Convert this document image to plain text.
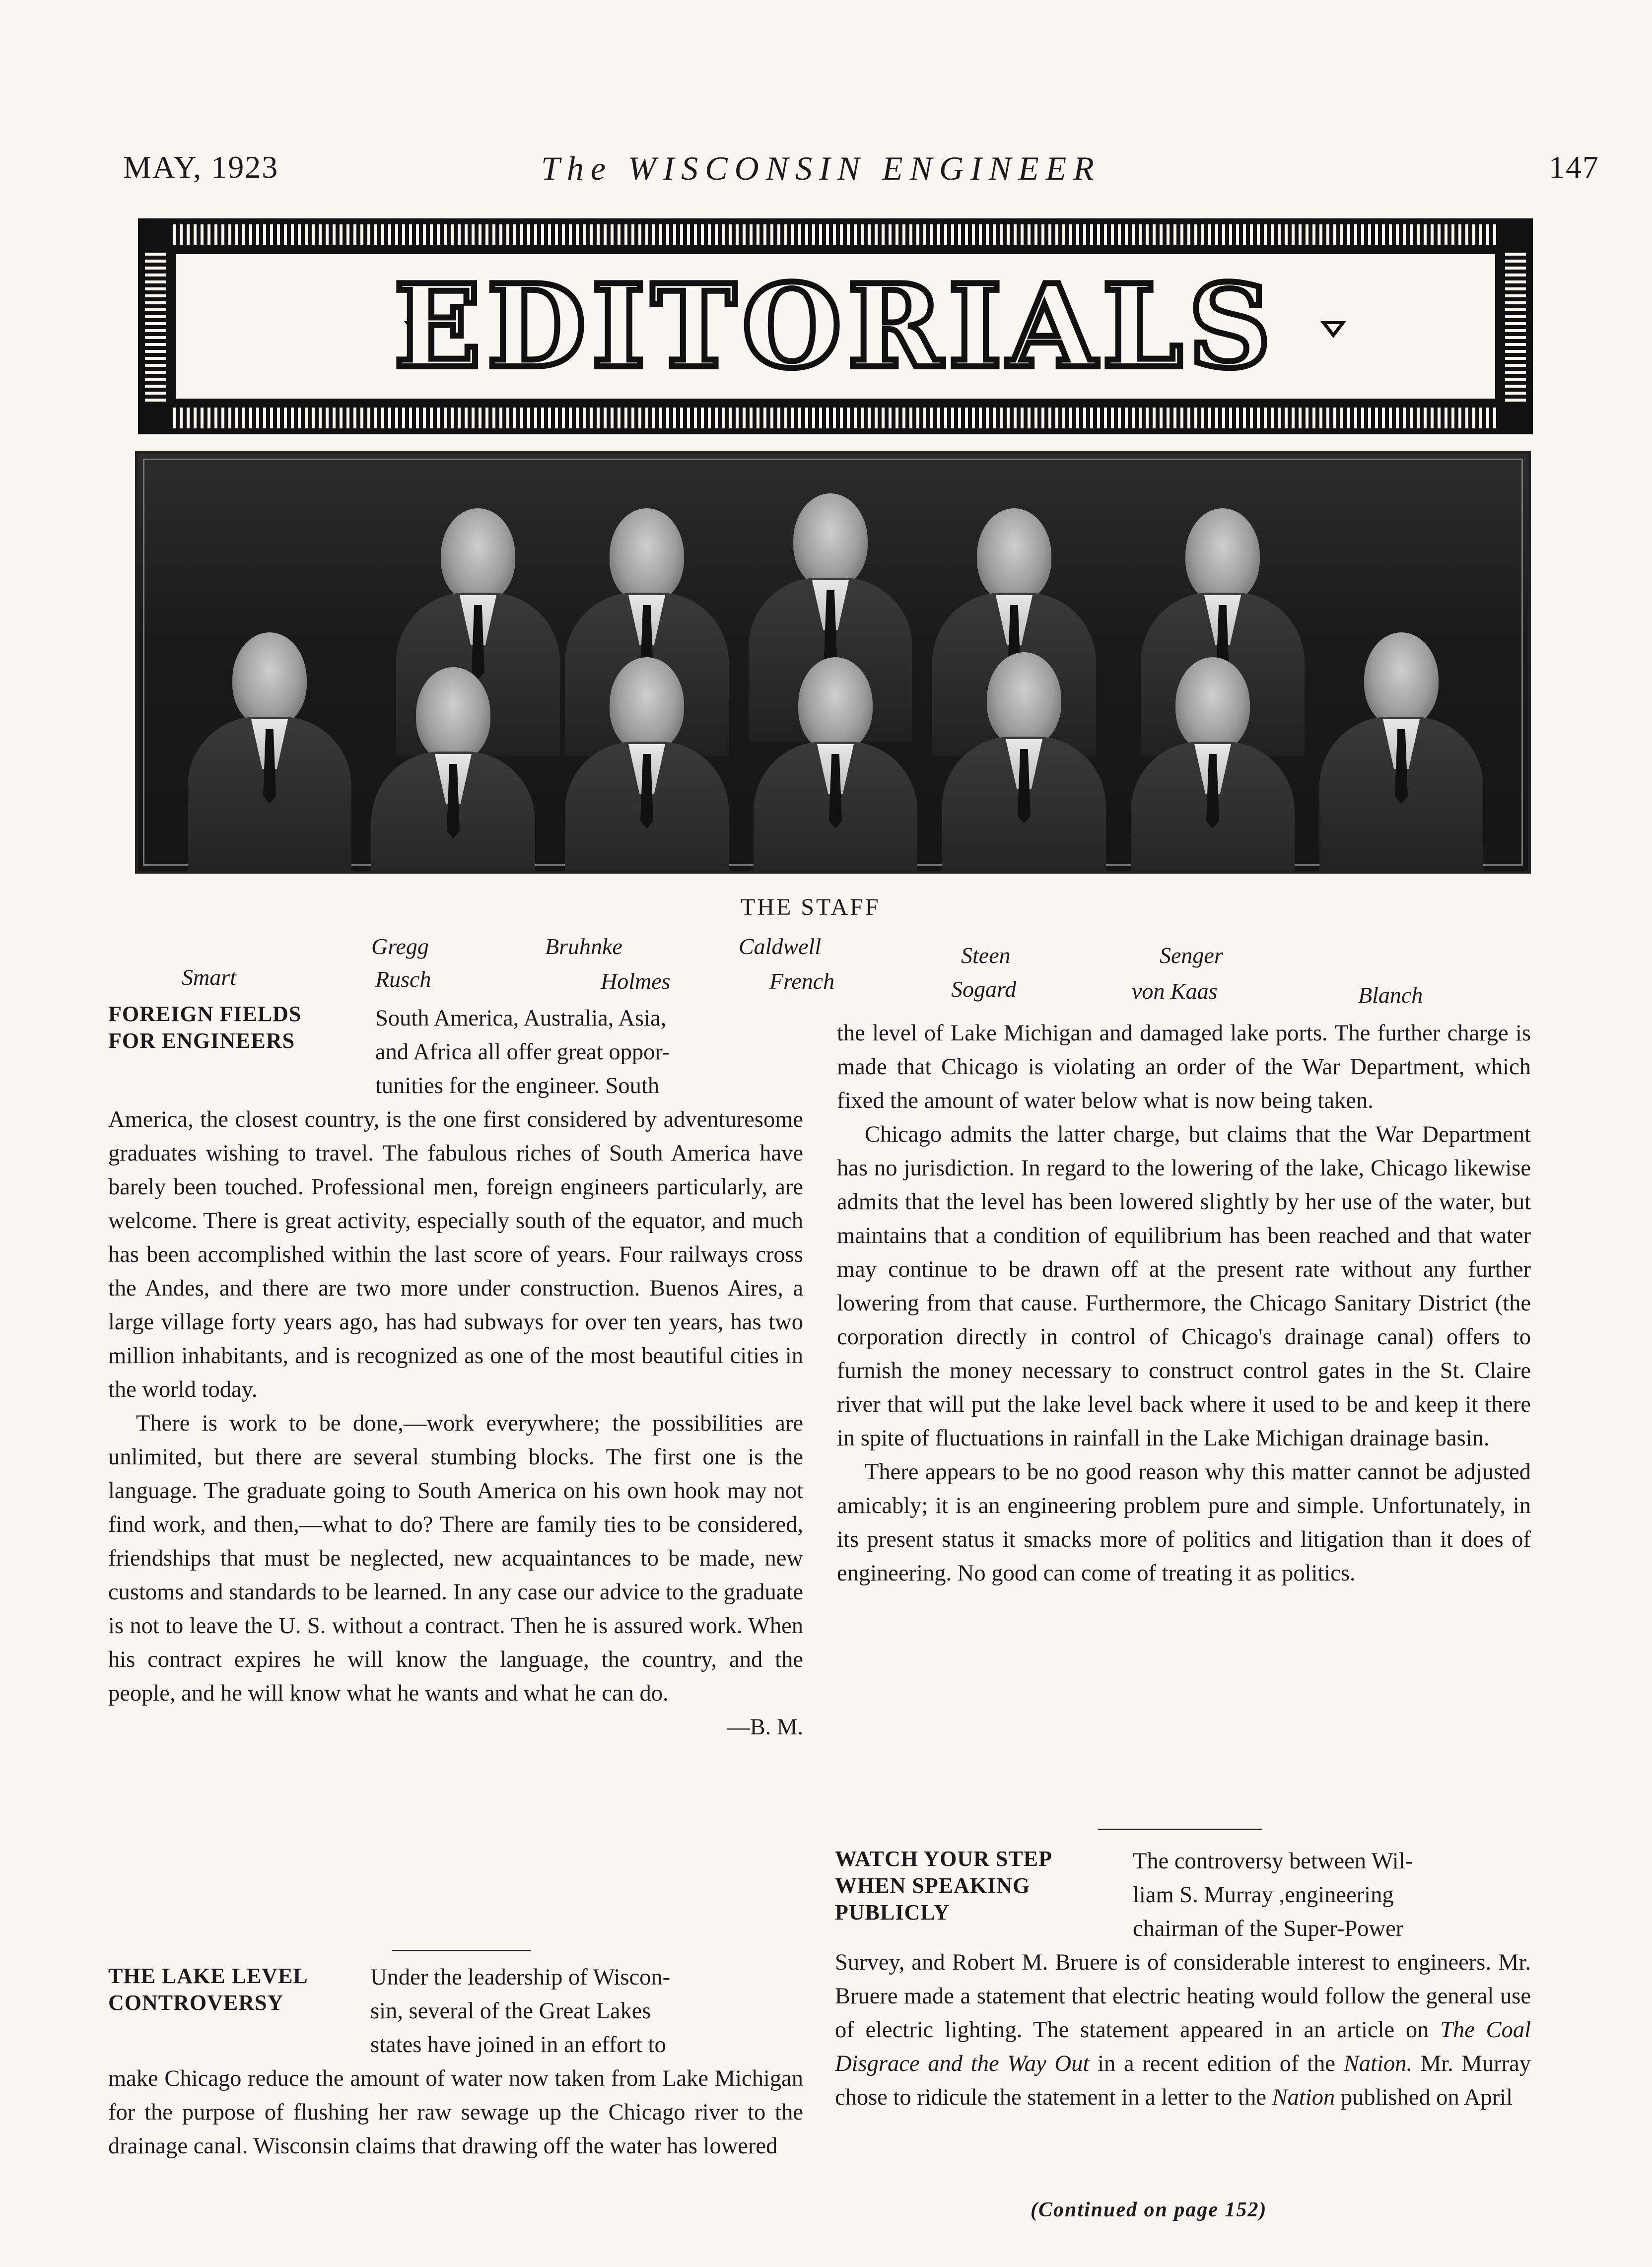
MAY, 1923	The WISCONSIN ENGINEER	147
EDITORIALS
THE STAFF
Gregg	Bruhnke	Caldwell	Steen	Senger
Smart	Rusch	Holmes	French	Sogard	von Kaas	Blanch
FOREIGN FIELDS
FOR ENGINEERS
South America, Australia, Asia,
and Africa all offer great oppor-
tunities for the engineer. South

America, the closest country, is the one first considered by adventuresome graduates wishing to travel. The fabulous riches of South America have barely been touched. Professional men, foreign engineers particularly, are welcome. There is great activity, especially south of the equator, and much has been accomplished within the last score of years. Four railways cross the Andes, and there are two more under construction. Buenos Aires, a large village forty years ago, has had subways for over ten years, has two million inhabitants, and is recognized as one of the most beautiful cities in the world today.

There is work to be done,—work everywhere; the possibilities are unlimited, but there are several stumbing blocks. The first one is the language. The graduate going to South America on his own hook may not find work, and then,—what to do? There are family ties to be considered, friendships that must be neglected, new acquaintances to be made, new customs and standards to be learned. In any case our advice to the graduate is not to leave the U. S. without a contract. Then he is assured work. When his contract expires he will know the language, the country, and the people, and he will know what he wants and what he can do.

—B. M.

THE LAKE LEVEL
CONTROVERSY
Under the leadership of Wiscon-
sin, several of the Great Lakes
states have joined in an effort to

make Chicago reduce the amount of water now taken from Lake Michigan for the purpose of flushing her raw sewage up the Chicago river to the drainage canal. Wisconsin claims that drawing off the water has lowered

the level of Lake Michigan and damaged lake ports. The further charge is made that Chicago is violating an order of the War Department, which fixed the amount of water below what is now being taken.

Chicago admits the latter charge, but claims that the War Department has no jurisdiction. In regard to the lowering of the lake, Chicago likewise admits that the level has been lowered slightly by her use of the water, but maintains that a condition of equilibrium has been reached and that water may continue to be drawn off at the present rate without any further lowering from that cause. Furthermore, the Chicago Sanitary District (the corporation directly in control of Chicago's drainage canal) offers to furnish the money necessary to construct control gates in the St. Claire river that will put the lake level back where it used to be and keep it there in spite of fluctuations in rainfall in the Lake Michigan drainage basin.

There appears to be no good reason why this matter cannot be adjusted amicably; it is an engineering problem pure and simple. Unfortunately, in its present status it smacks more of politics and litigation than it does of engineering. No good can come of treating it as politics.

WATCH YOUR STEP
WHEN SPEAKING
PUBLICLY
The controversy between Wil-
liam S. Murray ,engineering
chairman of the Super-Power

Survey, and Robert M. Bruere is of considerable interest to engineers. Mr. Bruere made a statement that electric heating would follow the general use of electric lighting. The statement appeared in an article on The Coal Disgrace and the Way Out in a recent edition of the Nation. Mr. Murray chose to ridicule the statement in a letter to the Nation published on April

(Continued on page 152)
